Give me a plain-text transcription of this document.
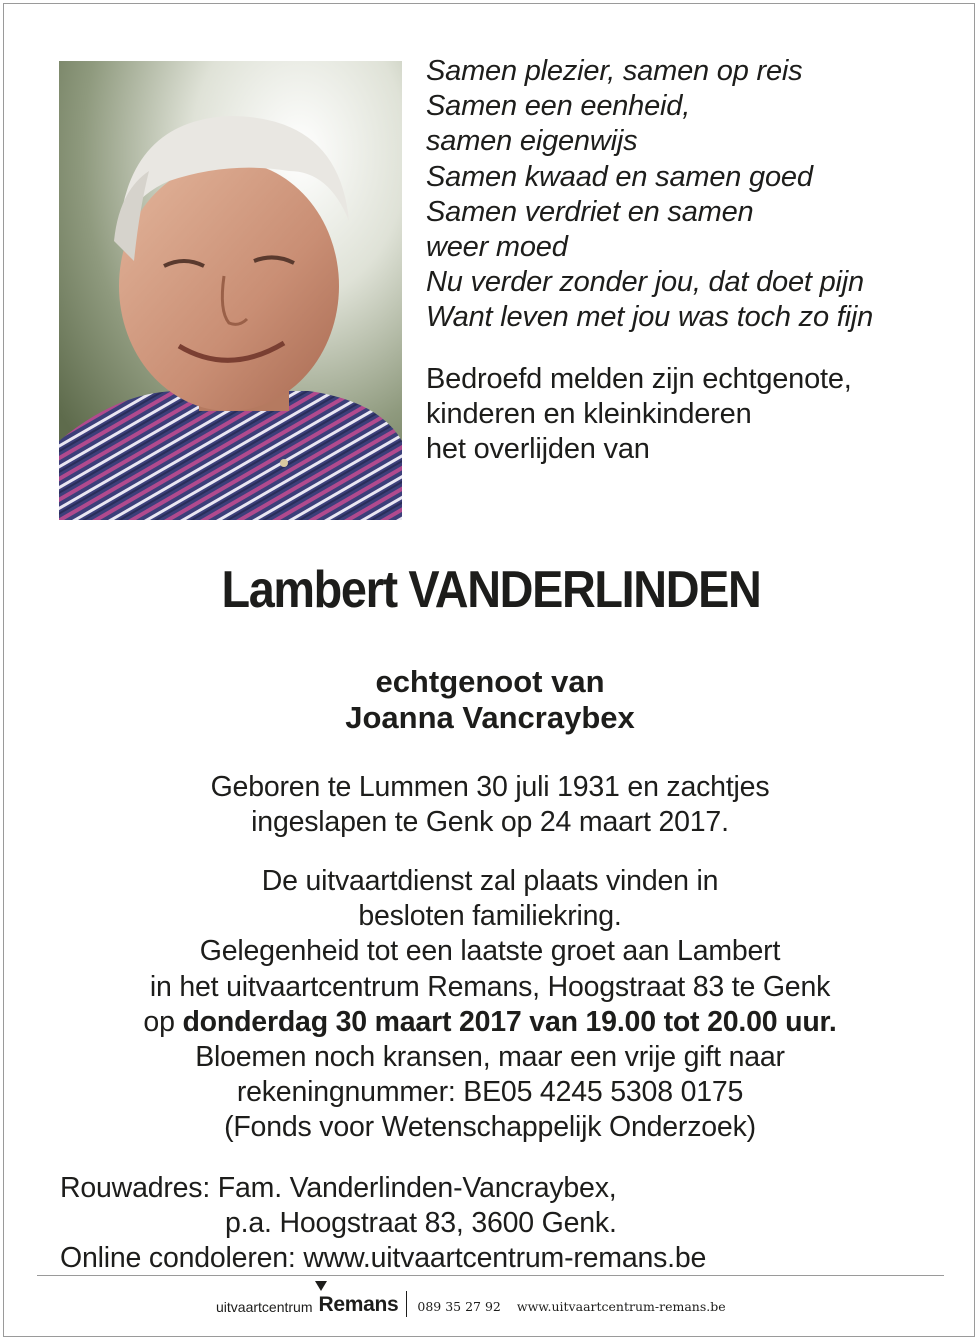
Samen plezier, samen op reis
Samen een eenheid,
samen eigenwijs
Samen kwaad en samen goed
Samen verdriet en samen
weer moed
Nu verder zonder jou, dat doet pijn
Want leven met jou was toch zo fijn
Bedroefd melden zijn echtgenote,
kinderen en kleinkinderen
het overlijden van
Lambert VANDERLINDEN
echtgenoot van
Joanna Vancraybex
Geboren te Lummen 30 juli 1931 en zachtjes
ingeslapen te Genk op 24 maart 2017.
De uitvaartdienst zal plaats vinden in
besloten familiekring.
Gelegenheid tot een laatste groet aan Lambert
in het uitvaartcentrum Remans, Hoogstraat 83 te Genk
op donderdag 30 maart 2017 van 19.00 tot 20.00 uur.
Bloemen noch kransen, maar een vrije gift naar
rekeningnummer: BE05 4245 5308 0175
(Fonds voor Wetenschappelijk Onderzoek)
Rouwadres: Fam. Vanderlinden-Vancraybex,
p.a. Hoogstraat 83, 3600 Genk.
Online condoleren: www.uitvaartcentrum-remans.be
uitvaartcentrum Remans 089 35 27 92 www.uitvaartcentrum-remans.be
